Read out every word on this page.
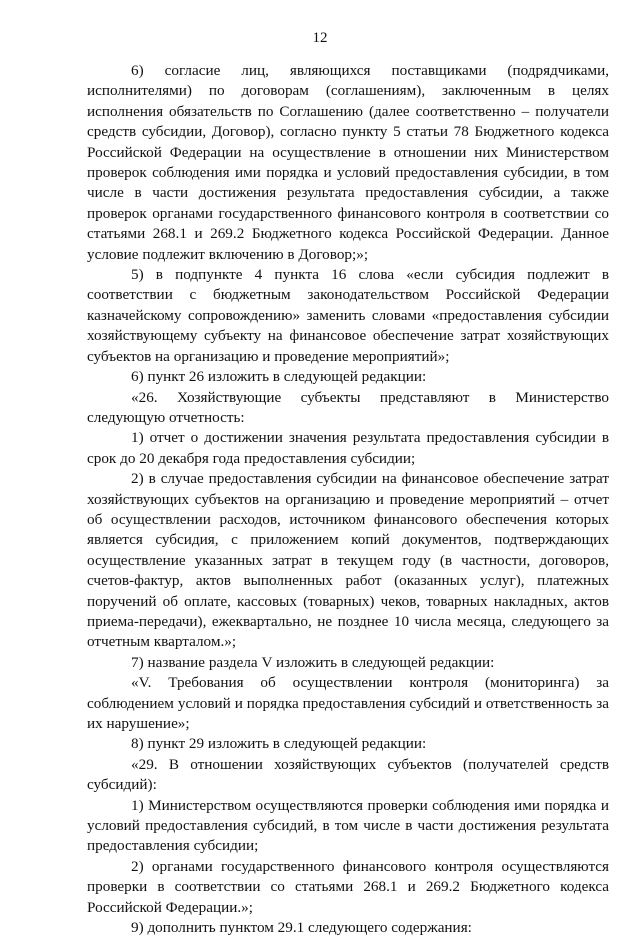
12

6) согласие лиц, являющихся поставщиками (подрядчиками, исполнителями) по договорам (соглашениям), заключенным в целях исполнения обязательств по Соглашению (далее соответственно – получатели средств субсидии, Договор), согласно пункту 5 статьи 78 Бюджетного кодекса Российской Федерации на осуществление в отношении них Министерством проверок соблюдения ими порядка и условий предоставления субсидии, в том числе в части достижения результата предоставления субсидии, а также проверок органами государственного финансового контроля в соответствии со статьями 268.1 и 269.2 Бюджетного кодекса Российской Федерации. Данное условие подлежит включению в Договор;»;

5) в подпункте 4 пункта 16 слова «если субсидия подлежит в соответствии с бюджетным законодательством Российской Федерации казначейскому сопровождению» заменить словами «предоставления субсидии хозяйствующему субъекту на финансовое обеспечение затрат хозяйствующих субъектов на организацию и проведение мероприятий»;

6) пункт 26 изложить в следующей редакции:

«26. Хозяйствующие субъекты представляют в Министерство следующую отчетность:

1) отчет о достижении значения результата предоставления субсидии в срок до 20 декабря года предоставления субсидии;

2) в случае предоставления субсидии на финансовое обеспечение затрат хозяйствующих субъектов на организацию и проведение мероприятий – отчет об осуществлении расходов, источником финансового обеспечения которых является субсидия, с приложением копий документов, подтверждающих осуществление указанных затрат в текущем году (в частности, договоров, счетов-фактур, актов выполненных работ (оказанных услуг), платежных поручений об оплате, кассовых (товарных) чеков, товарных накладных, актов приема-передачи), ежеквартально, не позднее 10 числа месяца, следующего за отчетным кварталом.»;

7) название раздела V изложить в следующей редакции:

«V. Требования об осуществлении контроля (мониторинга) за соблюдением условий и порядка предоставления субсидий и ответственность за их нарушение»;

8) пункт 29 изложить в следующей редакции:

«29. В отношении хозяйствующих субъектов (получателей средств субсидий):

1) Министерством осуществляются проверки соблюдения ими порядка и условий предоставления субсидий, в том числе в части достижения результата предоставления субсидии;

2) органами государственного финансового контроля осуществляются проверки в соответствии со статьями 268.1 и 269.2 Бюджетного кодекса Российской Федерации.»;

9) дополнить пунктом 29.1 следующего содержания:
